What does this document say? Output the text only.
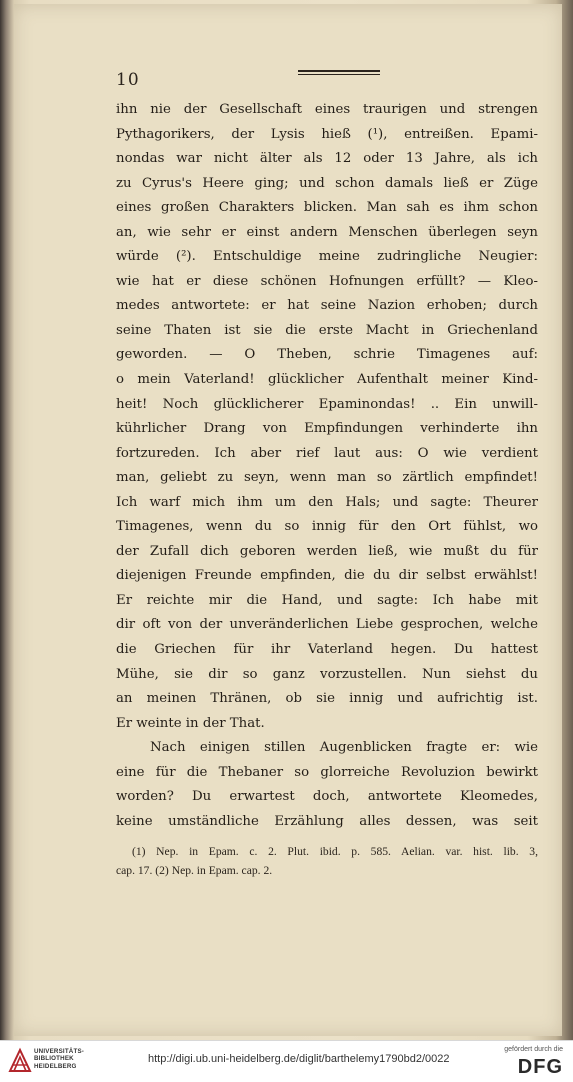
10
ihn nie der Gesellschaft eines traurigen und strengen
Pythagorikers, der Lysis hieß (¹), entreißen. Epami-
nondas war nicht älter als 12 oder 13 Jahre, als ich
zu Cyrus's Heere ging; und schon damals ließ er Züge
eines großen Charakters blicken. Man sah es ihm schon
an, wie sehr er einst andern Menschen überlegen seyn
würde (²). Entschuldige meine zudringliche Neugier:
wie hat er diese schönen Hofnungen erfüllt? — Kleo-
medes antwortete: er hat seine Nazion erhoben; durch
seine Thaten ist sie die erste Macht in Griechenland
geworden. — O Theben, schrie Timagenes auf:
o mein Vaterland! glücklicher Aufenthalt meiner Kind-
heit! Noch glücklicherer Epaminondas! .. Ein unwill-
kührlicher Drang von Empfindungen verhinderte ihn
fortzureden. Ich aber rief laut aus: O wie verdient
man, geliebt zu seyn, wenn man so zärtlich empfindet!
Ich warf mich ihm um den Hals; und sagte: Theurer
Timagenes, wenn du so innig für den Ort fühlst, wo
der Zufall dich geboren werden ließ, wie mußt du für
diejenigen Freunde empfinden, die du dir selbst erwählst!
Er reichte mir die Hand, und sagte: Ich habe mit
dir oft von der unveränderlichen Liebe gesprochen, welche
die Griechen für ihr Vaterland hegen. Du hattest
Mühe, sie dir so ganz vorzustellen. Nun siehst du
an meinen Thränen, ob sie innig und aufrichtig ist.
Er weinte in der That.
Nach einigen stillen Augenblicken fragte er: wie
eine für die Thebaner so glorreiche Revoluzion bewirkt
worden? Du erwartest doch, antwortete Kleomedes,
keine umständliche Erzählung alles dessen, was seit
(1) Nep. in Epam. c. 2. Plut. ibid. p. 585. Aelian. var. hist. lib. 3,
cap. 17. (2) Nep. in Epam. cap. 2.
UNIVERSITÄTS-
BIBLIOTHEK
HEIDELBERG
http://digi.ub.uni-heidelberg.de/diglit/barthelemy1790bd2/0022
gefördert durch die
DFG
